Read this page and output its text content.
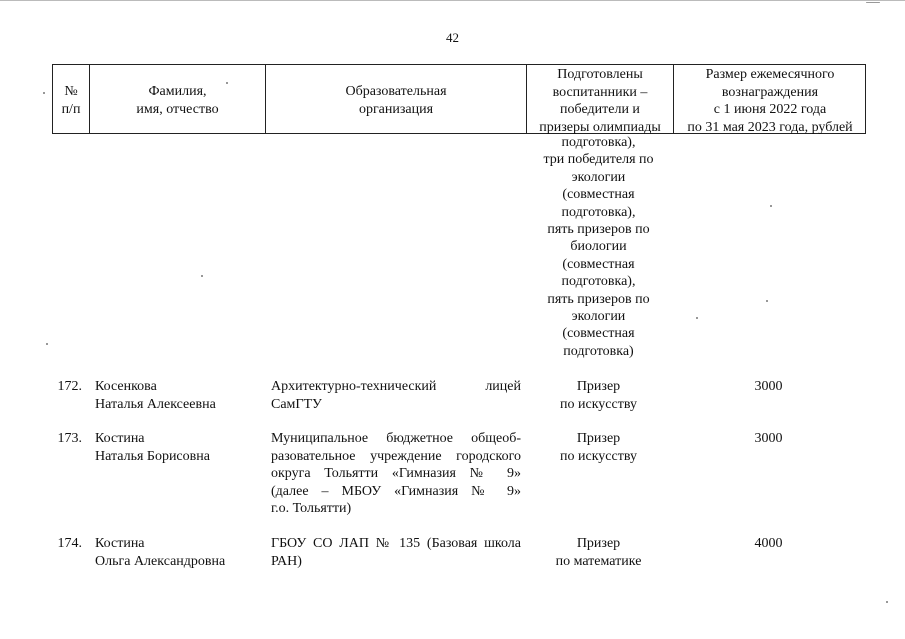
42
№
п/п
Фамилия,
имя, отчество
Образовательная
организация
Подготовлены
воспитанники –
победители и
призеры олимпиады
Размер ежемесячного
вознаграждения
с 1 июня 2022 года
по 31 мая 2023 года, рублей
подготовка),
три победителя по
экологии
(совместная
подготовка),
пять призеров по
биологии
(совместная
подготовка),
пять призеров по
экологии
(совместная
подготовка)
172. Косенкова
Наталья Алексеевна
Архитектурно-технический лицей
СамГТУ
Призер
по искусству
3000
173. Костина
Наталья Борисовна
Муниципальное бюджетное общеоб-
разовательное учреждение городского
округа Тольятти «Гимназия № 9»
(далее – МБОУ «Гимназия № 9»
г.о. Тольятти)
Призер
по искусству
3000
174. Костина
Ольга Александровна
ГБОУ СО ЛАП № 135 (Базовая школа
РАН)
Призер
по математике
4000
